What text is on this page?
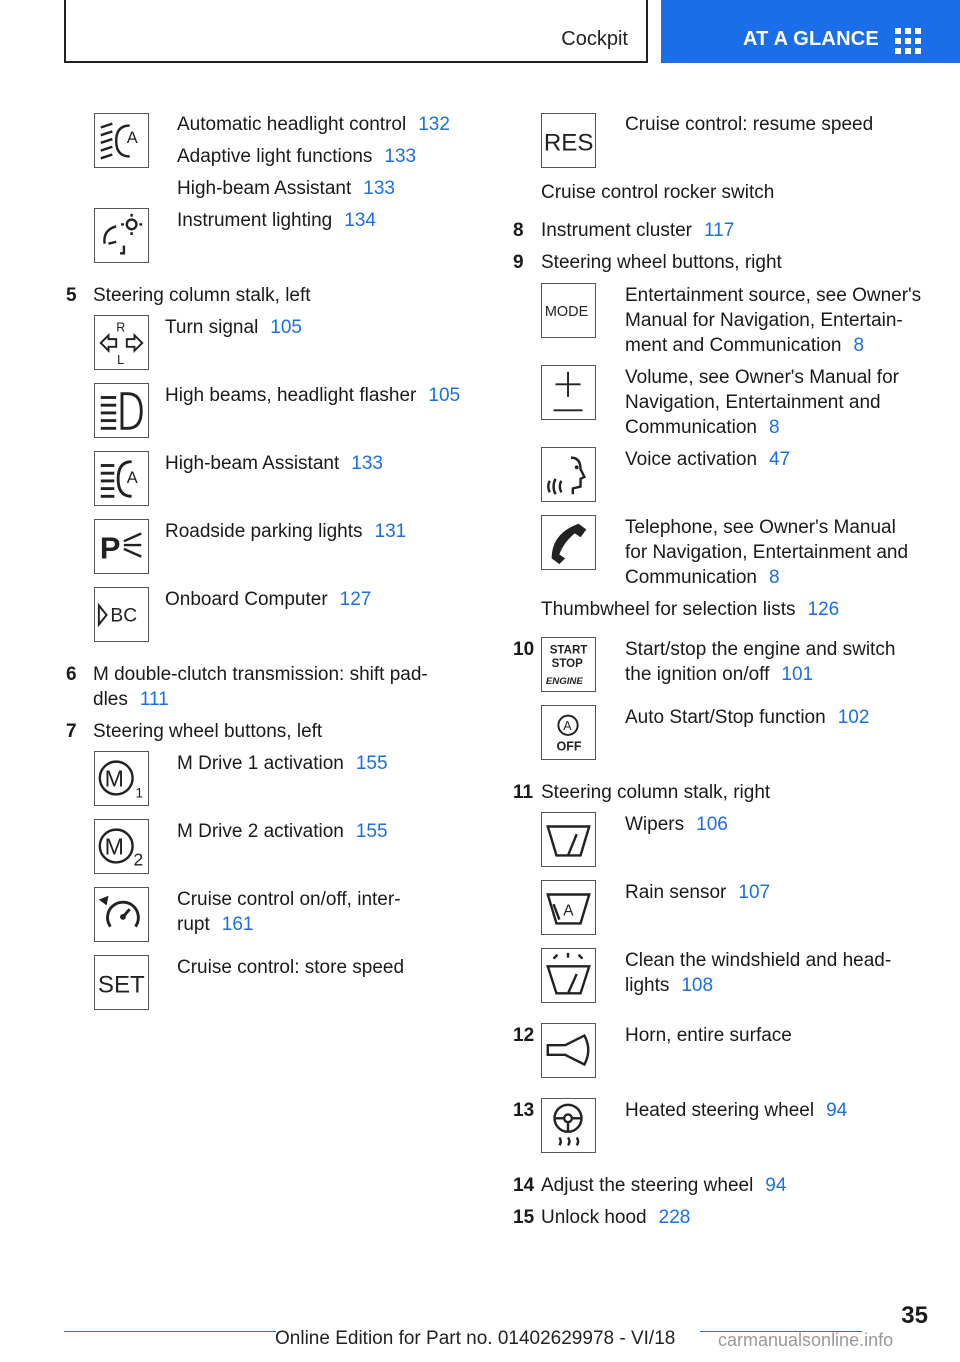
Cockpit	AT A GLANCE
A
Automatic headlight control 132
Adaptive light functions 133
High-beam Assistant 133
Instrument lighting 134
5 Steering column stalk, left
R
L
Turn signal 105
High beams, headlight flasher 105
A
High-beam Assistant 133
P Roadside parking lights 131
BC
Onboard Computer 127
6 M double-clutch transmission: shift pad-
dles 111
7 Steering wheel buttons, left
M
1
M Drive 1 activation 155
M 2
M Drive 2 activation 155
Cruise control on/off, inter-
rupt 161
SET
Cruise control: store speed
RES
Cruise control: resume speed
Cruise control rocker switch
8 Instrument cluster 117
9 Steering wheel buttons, right
MODE
Entertainment source, see Owner's
Manual for Navigation, Entertain-
ment and Communication 8
Volume, see Owner's Manual for
Navigation, Entertainment and
Communication 8
Voice activation 47
Telephone, see Owner's Manual
for Navigation, Entertainment and
Communication 8
Thumbwheel for selection lists 126
10 START
STOP
ENGINE
Start/stop the engine and switch
the ignition on/off 101
A
OFF
Auto Start/Stop function 102
11 Steering column stalk, right
Wipers 106
A
Rain sensor 107
Clean the windshield and head-
lights 108
12	Horn, entire surface
13	Heated steering wheel 94
14 Adjust the steering wheel 94
15 Unlock hood 228
35
Online Edition for Part no. 01402629978 - VI/18 carmanualsonline.info
